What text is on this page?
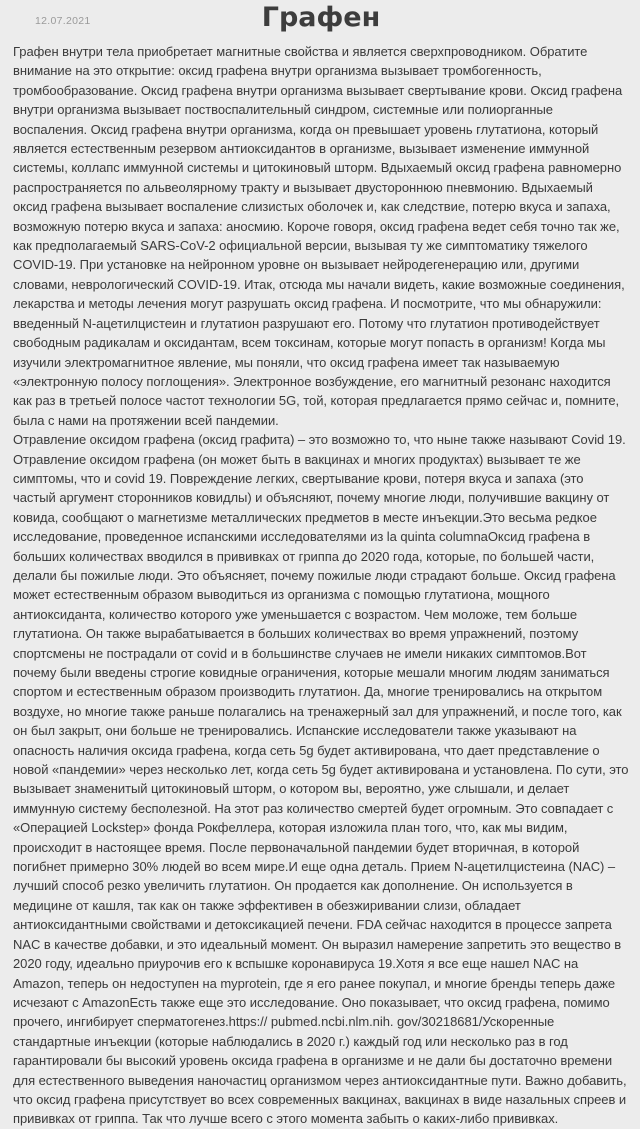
12.07.2021	Графен

Графен внутри тела приобретает магнитные свойства и является сверхпроводником. Обратите внимание на это открытие: оксид графена внутри организма вызывает тромбогенность, тромбообразование. Оксид графена внутри организма вызывает свертывание крови. Оксид графена внутри организма вызывает поствоспалительный синдром, системные или полиорганные воспаления. Оксид графена внутри организма, когда он превышает уровень глутатиона, который является естественным резервом антиоксидантов в организме, вызывает изменение иммунной системы, коллапс иммунной системы и цитокиновый шторм. Вдыхаемый оксид графена равномерно распространяется по альвеолярному тракту и вызывает двустороннюю пневмонию. Вдыхаемый оксид графена вызывает воспаление слизистых оболочек и, как следствие, потерю вкуса и запаха, возможную потерю вкуса и запаха: аносмию. Короче говоря, оксид графена ведет себя точно так же, как предполагаемый SARS-CoV-2 официальной версии, вызывая ту же симптоматику тяжелого COVID-19. При установке на нейронном уровне он вызывает нейродегенерацию или, другими словами, неврологический COVID-19. Итак, отсюда мы начали видеть, какие возможные соединения, лекарства и методы лечения могут разрушать оксид графена. И посмотрите, что мы обнаружили: введенный N-ацетилцистеин и глутатион разрушают его. Потому что глутатион противодействует свободным радикалам и оксидантам, всем токсинам, которые могут попасть в организм! Когда мы изучили электромагнитное явление, мы поняли, что оксид графена имеет так называемую «электронную полосу поглощения». Электронное возбуждение, его магнитный резонанс находится как раз в третьей полосе частот технологии 5G, той, которая предлагается прямо сейчас и, помните, была с нами на протяжении всей пандемии.

Отравление оксидом графена (оксид графита) – это возможно то, что ныне также называют Covid 19. Отравление оксидом графена (он может быть в вакцинах и многих продуктах) вызывает те же симптомы, что и covid 19. Повреждение легких, свертывание крови, потеря вкуса и запаха (это частый аргумент сторонников ковидлы) и объясняют, почему многие люди, получившие вакцину от ковида, сообщают о магнетизме металлических предметов в месте инъекции.Это весьма редкое исследование, проведенное испанскими исследователями из la quinta columnaОксид графена в больших количествах вводился в прививках от гриппа до 2020 года, которые, по большей части, делали бы пожилые люди. Это объясняет, почему пожилые люди страдают больше. Оксид графена может естественным образом выводиться из организма с помощью глутатиона, мощного антиоксиданта, количество которого уже уменьшается с возрастом. Чем моложе, тем больше глутатиона. Он также вырабатывается в больших количествах во время упражнений, поэтому спортсмены не пострадали от covid и в большинстве случаев не имели никаких симптомов.Вот почему были введены строгие ковидные ограничения, которые мешали многим людям заниматься спортом и естественным образом производить глутатион. Да, многие тренировались на открытом воздухе, но многие также раньше полагались на тренажерный зал для упражнений, и после того, как он был закрыт, они больше не тренировались. Испанские исследователи также указывают на опасность наличия оксида графена, когда сеть 5g будет активирована, что дает представление о новой «пандемии» через несколько лет, когда сеть 5g будет активирована и установлена. По сути, это вызывает знаменитый цитокиновый шторм, о котором вы, вероятно, уже слышали, и делает иммунную систему бесполезной. На этот раз количество смертей будет огромным. Это совпадает с «Операцией Lockstep» фонда Рокфеллера, которая изложила план того, что, как мы видим, происходит в настоящее время. После первоначальной пандемии будет вторичная, в которой погибнет примерно 30% людей во всем мире.И еще одна деталь. Прием N-ацетилцистеина (NAC) – лучший способ резко увеличить глутатион. Он продается как дополнение. Он используется в медицине от кашля, так как он также эффективен в обезжиривании слизи, обладает антиоксидантными свойствами и детоксикацией печени. FDA сейчас находится в процессе запрета NAC в качестве добавки, и это идеальный момент. Он выразил намерение запретить это вещество в 2020 году, идеально приурочив его к вспышке коронавируса 19.Хотя я все еще нашел NAC на Amazon, теперь он недоступен на myprotein, где я его ранее покупал, и многие бренды теперь даже исчезают с AmazonЕсть также еще это исследование. Оно показывает, что оксид графена, помимо прочего, ингибирует сперматогенез.https:// pubmed.ncbi.nlm.nih. gov/30218681/Ускоренные стандартные инъекции (которые наблюдались в 2020 г.) каждый год или несколько раз в год гарантировали бы высокий уровень оксида графена в организме и не дали бы достаточно времени для естественного выведения наночастиц организмом через антиоксидантные пути. Важно добавить, что оксид графена присутствует во всех современных вакцинах, вакцинах в виде назальных спреев и прививках от гриппа. Так что лучше всего с этого момента забыть о каких-либо прививках.
